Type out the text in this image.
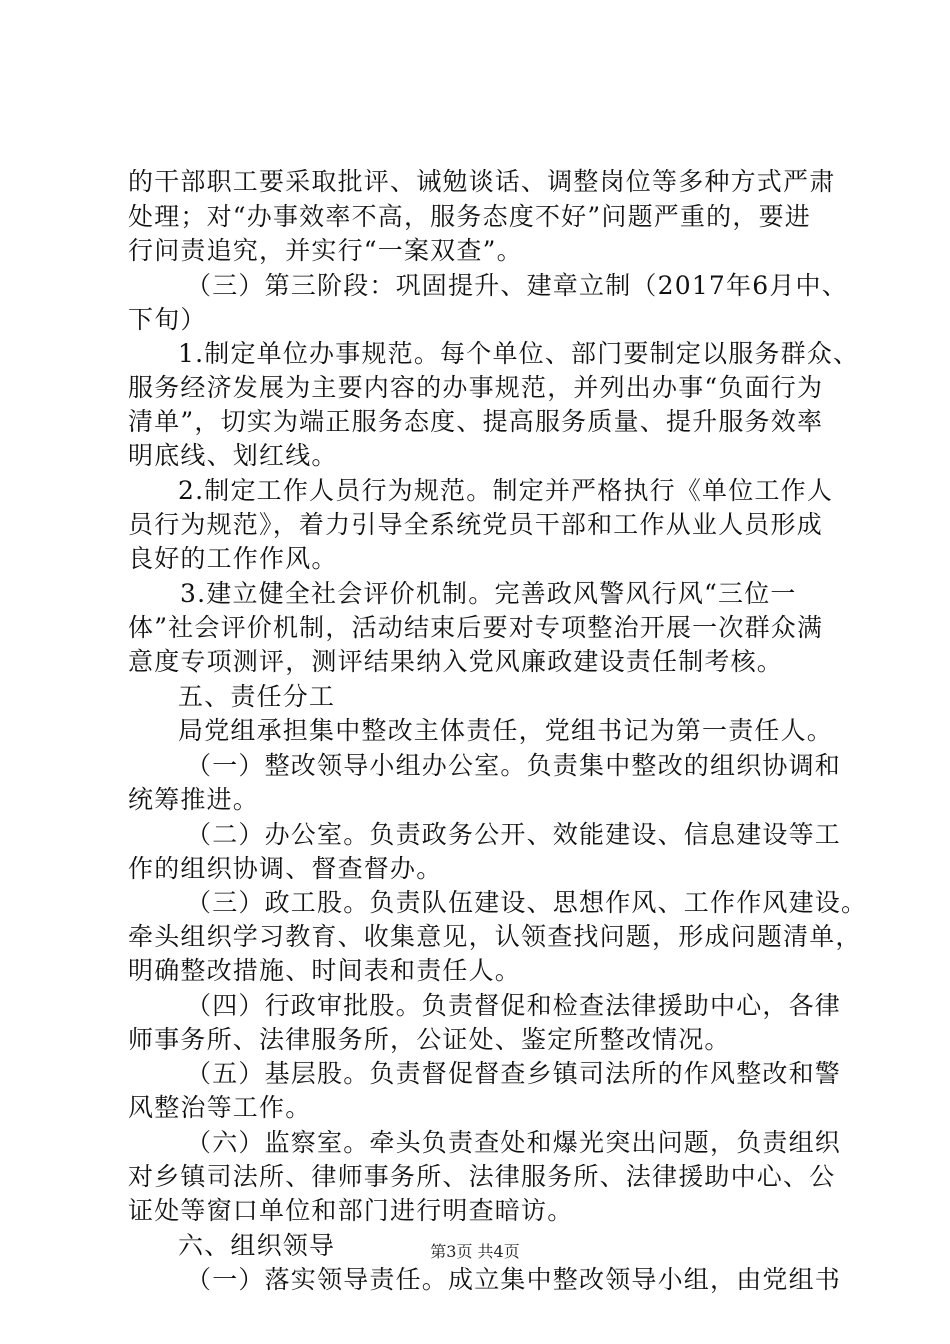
的干部职工要采取批评、诫勉谈话、调整岗位等多种方式严肃
处理；对“办事效率不高，服务态度不好”问题严重的，要进
行问责追究，并实行“一案双查”。
（三）第三阶段：巩固提升、建章立制（2017年6月中、
下旬）
1.制定单位办事规范。每个单位、部门要制定以服务群众、
服务经济发展为主要内容的办事规范，并列出办事“负面行为
清单”，切实为端正服务态度、提高服务质量、提升服务效率
明底线、划红线。
2.制定工作人员行为规范。制定并严格执行《单位工作人
员行为规范》，着力引导全系统党员干部和工作从业人员形成
良好的工作作风。
3.建立健全社会评价机制。完善政风警风行风“三位一
体”社会评价机制，活动结束后要对专项整治开展一次群众满
意度专项测评，测评结果纳入党风廉政建设责任制考核。
五、责任分工
局党组承担集中整改主体责任，党组书记为第一责任人。
（一）整改领导小组办公室。负责集中整改的组织协调和
统筹推进。
（二）办公室。负责政务公开、效能建设、信息建设等工
作的组织协调、督查督办。
（三）政工股。负责队伍建设、思想作风、工作作风建设。
牵头组织学习教育、收集意见，认领查找问题，形成问题清单，
明确整改措施、时间表和责任人。
（四）行政审批股。负责督促和检查法律援助中心，各律
师事务所、法律服务所，公证处、鉴定所整改情况。
（五）基层股。负责督促督查乡镇司法所的作风整改和警
风整治等工作。
（六）监察室。牵头负责查处和爆光突出问题，负责组织
对乡镇司法所、律师事务所、法律服务所、法律援助中心、公
证处等窗口单位和部门进行明查暗访。
六、组织领导
（一）落实领导责任。成立集中整改领导小组，由党组书
第3页 共4页
